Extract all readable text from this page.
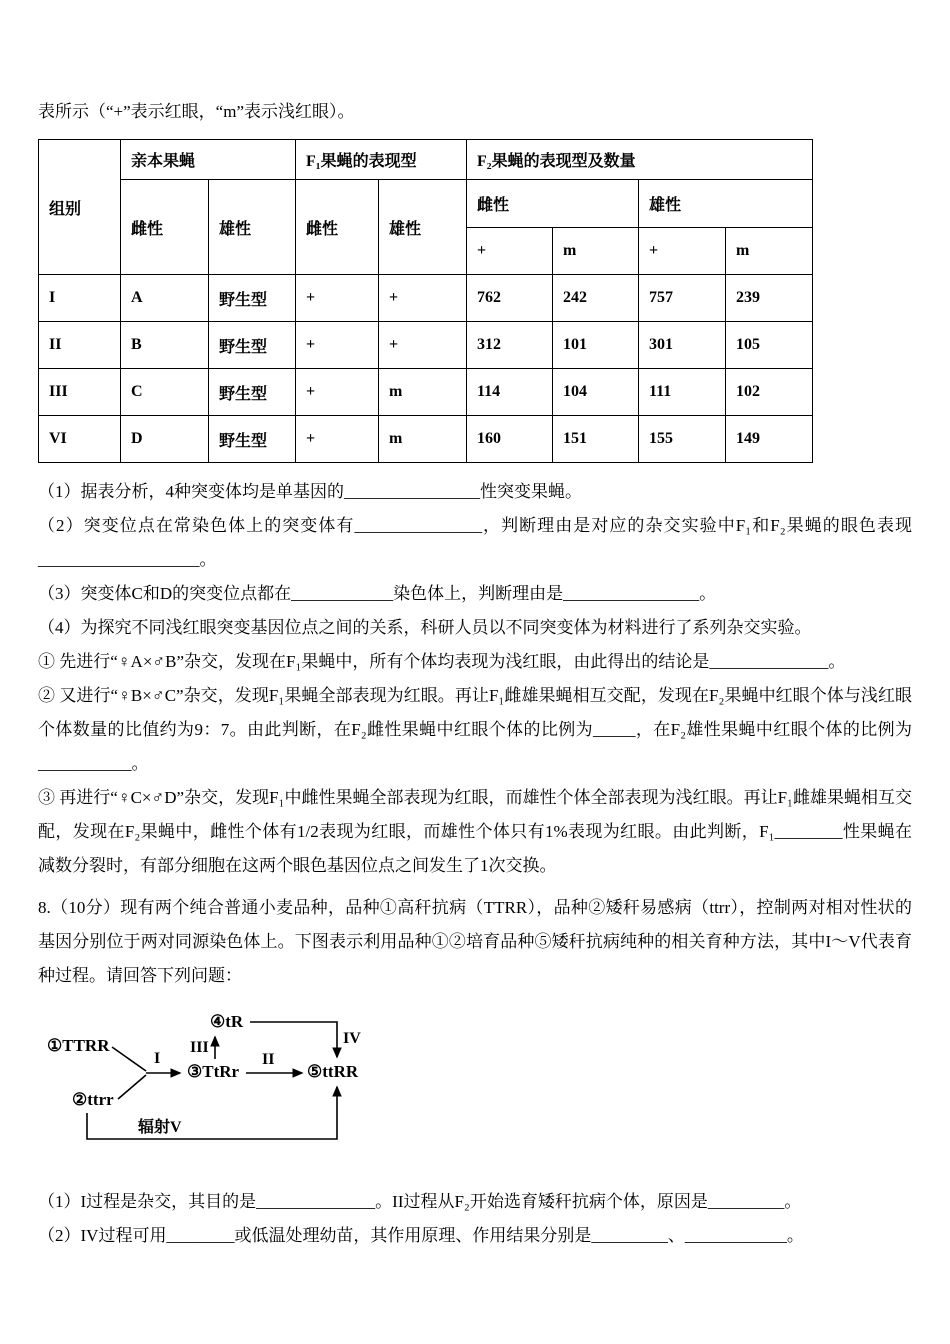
表所示（“+”表示红眼，“m”表示浅红眼）。

组别	亲本果蝇		F₁果蝇的表现型		F₂果蝇的表现型及数量			
	雌性	雄性	雌性	雄性	雌性		雄性	
					+	m	+	m
I	A	野生型	+	+	762	242	757	239
II	B	野生型	+	+	312	101	301	105
III	C	野生型	+	m	114	104	111	102
VI	D	野生型	+	m	160	151	155	149

（1）据表分析，4种突变体均是单基因的________________性突变果蝇。

（2）突变位点在常染色体上的突变体有_______________，判断理由是对应的杂交实验中F₁和F₂果蝇的眼色表现___________________。

（3）突变体C和D的突变位点都在____________染色体上，判断理由是________________。

（4）为探究不同浅红眼突变基因位点之间的关系，科研人员以不同突变体为材料进行了系列杂交实验。

① 先进行“♀A×♂B”杂交，发现在F₁果蝇中，所有个体均表现为浅红眼，由此得出的结论是______________。

② 又进行“♀B×♂C”杂交，发现F₁果蝇全部表现为红眼。再让F₁雌雄果蝇相互交配，发现在F₂果蝇中红眼个体与浅红眼个体数量的比值约为9：7。由此判断，在F₂雌性果蝇中红眼个体的比例为_____，在F₂雄性果蝇中红眼个体的比例为___________。

③ 再进行“♀C×♂D”杂交，发现F₁中雌性果蝇全部表现为红眼，而雄性个体全部表现为浅红眼。再让F₁雌雄果蝇相互交配，发现在F₂果蝇中，雌性个体有1/2表现为红眼，而雄性个体只有1%表现为红眼。由此判断，F₁________性果蝇在减数分裂时，有部分细胞在这两个眼色基因位点之间发生了1次交换。

8.（10分）现有两个纯合普通小麦品种，品种①高秆抗病（TTRR），品种②矮秆易感病（ttrr），控制两对相对性状的基因分别位于两对同源染色体上。下图表示利用品种①②培育品种⑤矮秆抗病纯种的相关育种方法，其中I～V代表育种过程。请回答下列问题：

①TTRR
②ttrr
③TtRr
④tR
⑤ttRR
I	II
III
IV
辐射V

（1）I过程是杂交，其目的是______________。II过程从F₂开始选育矮秆抗病个体，原因是_________。

（2）IV过程可用________或低温处理幼苗，其作用原理、作用结果分别是_________、____________。
